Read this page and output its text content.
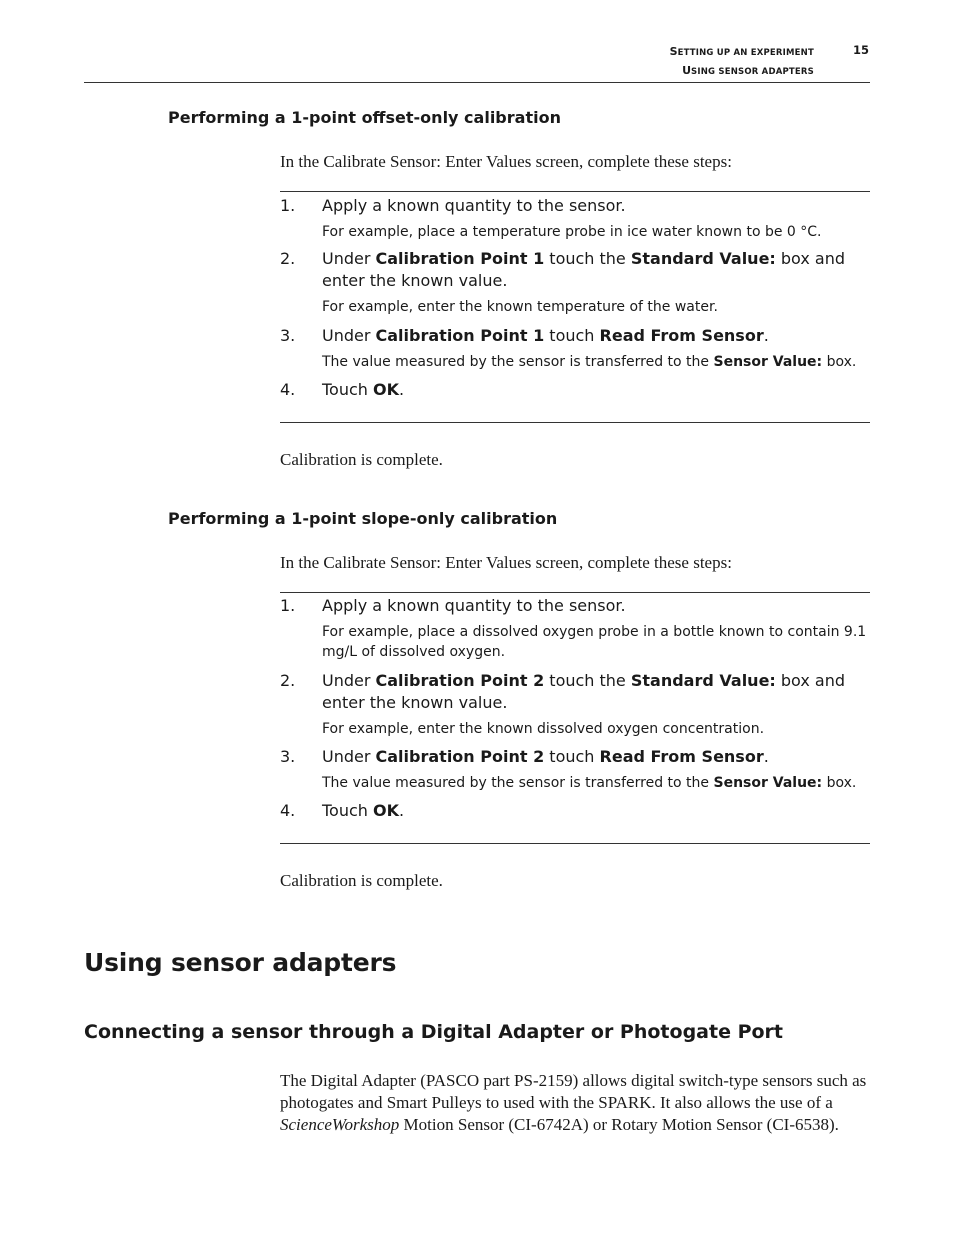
SETTING UP AN EXPERIMENT
USING SENSOR ADAPTERS
15
Performing a 1-point offset-only calibration

In the Calibrate Sensor: Enter Values screen, complete these steps:

1. Apply a known quantity to the sensor.
For example, place a temperature probe in ice water known to be 0 °C.
2. Under Calibration Point 1 touch the Standard Value: box and enter the known value.
For example, enter the known temperature of the water.
3. Under Calibration Point 1 touch Read From Sensor.
The value measured by the sensor is transferred to the Sensor Value: box.
4. Touch OK.
Calibration is complete.
Performing a 1-point slope-only calibration

In the Calibrate Sensor: Enter Values screen, complete these steps:

1. Apply a known quantity to the sensor.
For example, place a dissolved oxygen probe in a bottle known to contain 9.1 mg/L of dissolved oxygen.
2. Under Calibration Point 2 touch the Standard Value: box and enter the known value.
For example, enter the known dissolved oxygen concentration.
3. Under Calibration Point 2 touch Read From Sensor.
The value measured by the sensor is transferred to the Sensor Value: box.
4. Touch OK.
Calibration is complete.
Using sensor adapters
Connecting a sensor through a Digital Adapter or Photogate Port

The Digital Adapter (PASCO part PS-2159) allows digital switch-type sensors such as photogates and Smart Pulleys to used with the SPARK. It also allows the use of a ScienceWorkshop Motion Sensor (CI-6742A) or Rotary Motion Sensor (CI-6538).
